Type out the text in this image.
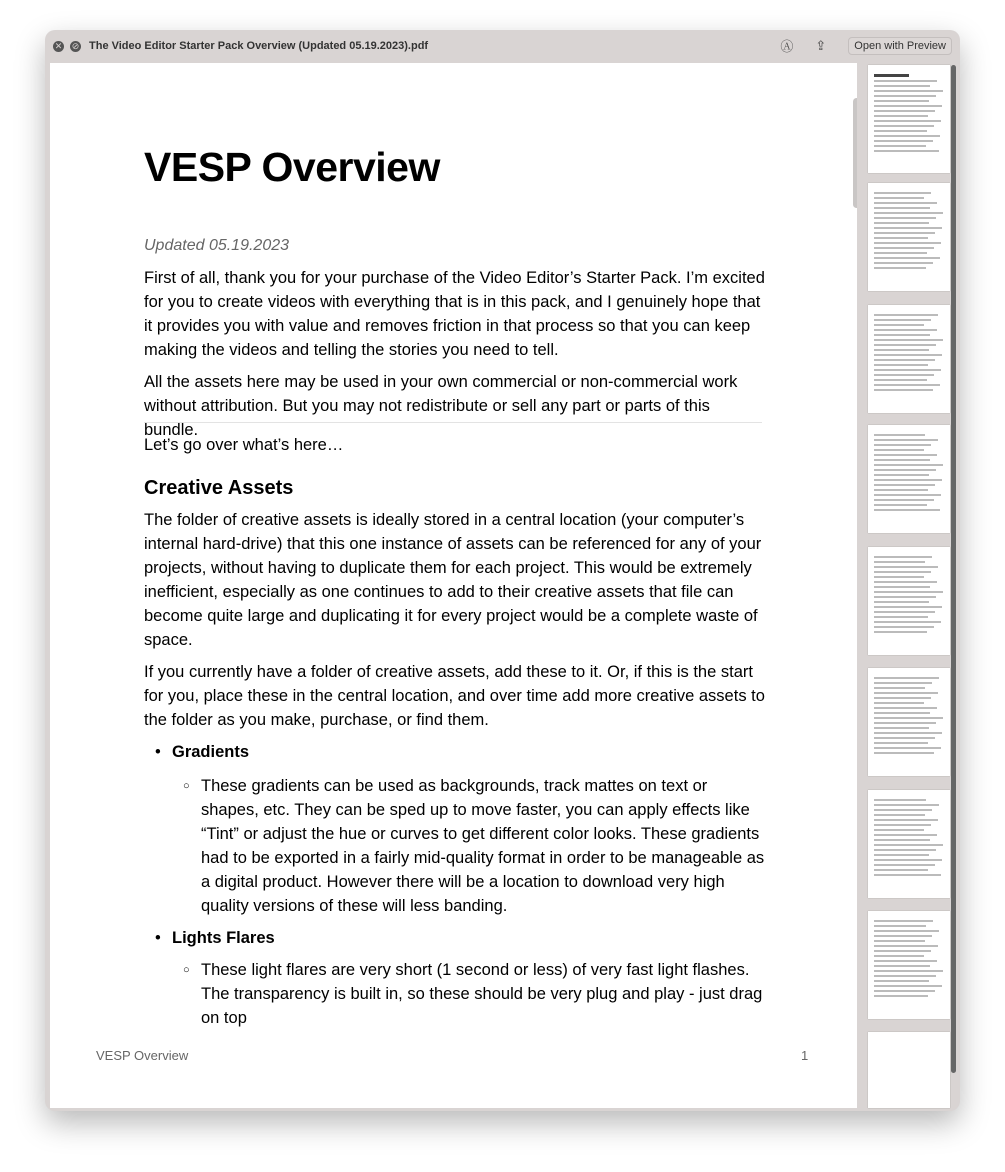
✕ ⊘ The Video Editor Starter Pack Overview (Updated 05.19.2023).pdf	Ⓐ ⇪	Open with Preview
VESP Overview
Updated 05.19.2023
First of all, thank you for your purchase of the Video Editor’s Starter Pack. I’m excited for you to create videos with everything that is in this pack, and I genuinely hope that it provides you with value and removes friction in that process so that you can keep making the videos and telling the stories you need to tell.
All the assets here may be used in your own commercial or non-commercial work without attribution. But you may not redistribute or sell any part or parts of this bundle.
Let’s go over what’s here…
Creative Assets
The folder of creative assets is ideally stored in a central location (your computer’s internal hard-drive) that this one instance of assets can be referenced for any of your projects, without having to duplicate them for each project. This would be extremely inefficient, especially as one continues to add to their creative assets that file can become quite large and duplicating it for every project would be a complete waste of space.
If you currently have a folder of creative assets, add these to it. Or, if this is the start for you, place these in the central location, and over time add more creative assets to the folder as you make, purchase, or find them.
• Gradients
○ These gradients can be used as backgrounds, track mattes on text or shapes, etc. They can be sped up to move faster, you can apply effects like “Tint” or adjust the hue or curves to get different color looks. These gradients had to be exported in a fairly mid-quality format in order to be manageable as a digital product. However there will be a location to download very high quality versions of these will less banding.
• Lights Flares
○ These light flares are very short (1 second or less) of very fast light flashes. The transparency is built in, so these should be very plug and play - just drag on top
VESP Overview	1
